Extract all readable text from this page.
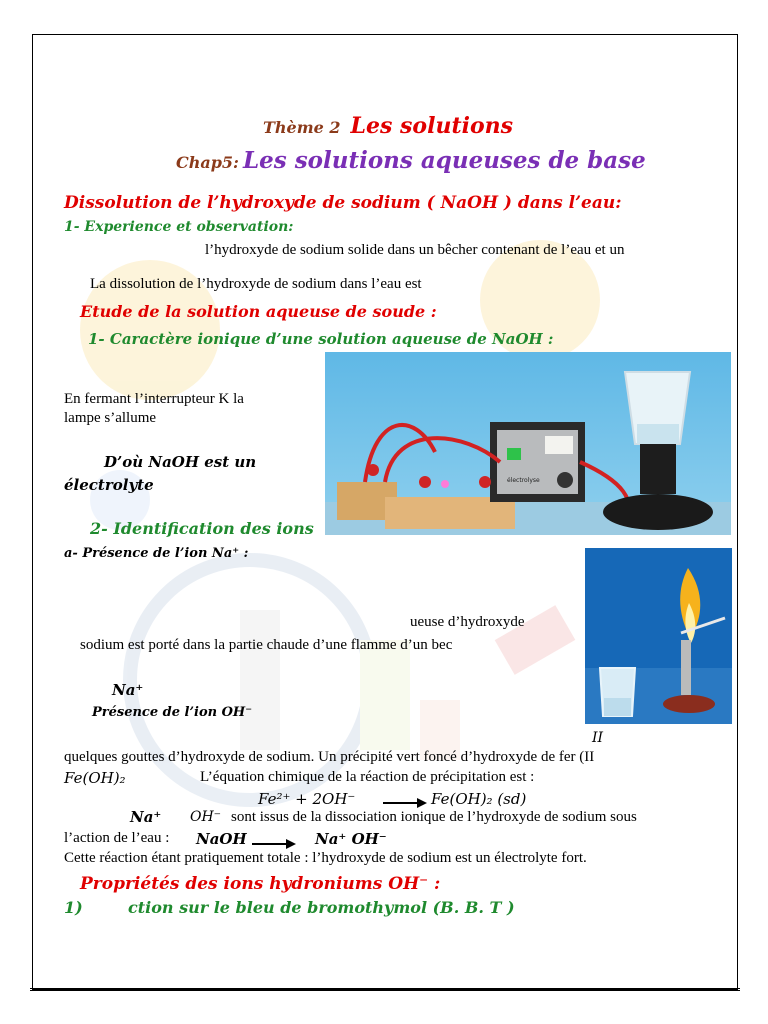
Thème 2 Les solutions
Chap5: Les solutions aqueuses de base
Dissolution de l’hydroxyde de sodium ( NaOH ) dans l’eau:
1- Experience et observation:
l’hydroxyde de sodium solide dans un bêcher contenant de l’eau et un
La dissolution de l’hydroxyde de sodium dans l’eau est
Etude de la solution aqueuse de soude :
1- Caractère ionique d’une solution aqueuse de NaOH :
En fermant l’interrupteur K la
lampe s’allume
D’où NaOH est un
électrolyte	électrolyse
2- Identification des ions
a- Présence de l’ion Na⁺ :
ueuse d’hydroxyde
sodium est porté dans la partie chaude d’une flamme d’un bec
Na⁺
Présence de l’ion OH⁻
II
quelques gouttes d’hydroxyde de sodium. Un précipité vert foncé d’hydroxyde de fer (II
Fe(OH)₂	L’équation chimique de la réaction de précipitation est :
Fe²⁺ + 2OH⁻	Fe(OH)₂ (sd)
Na⁺ OH⁻ sont issus de la dissociation ionique de l’hydroxyde de sodium sous
l’action de l’eau : NaOH	Na⁺ OH⁻
Cette réaction étant pratiquement totale : l’hydroxyde de sodium est un électrolyte fort.
Propriétés des ions hydroniums OH⁻ :
1)	ction sur le bleu de bromothymol (B. B. T )
